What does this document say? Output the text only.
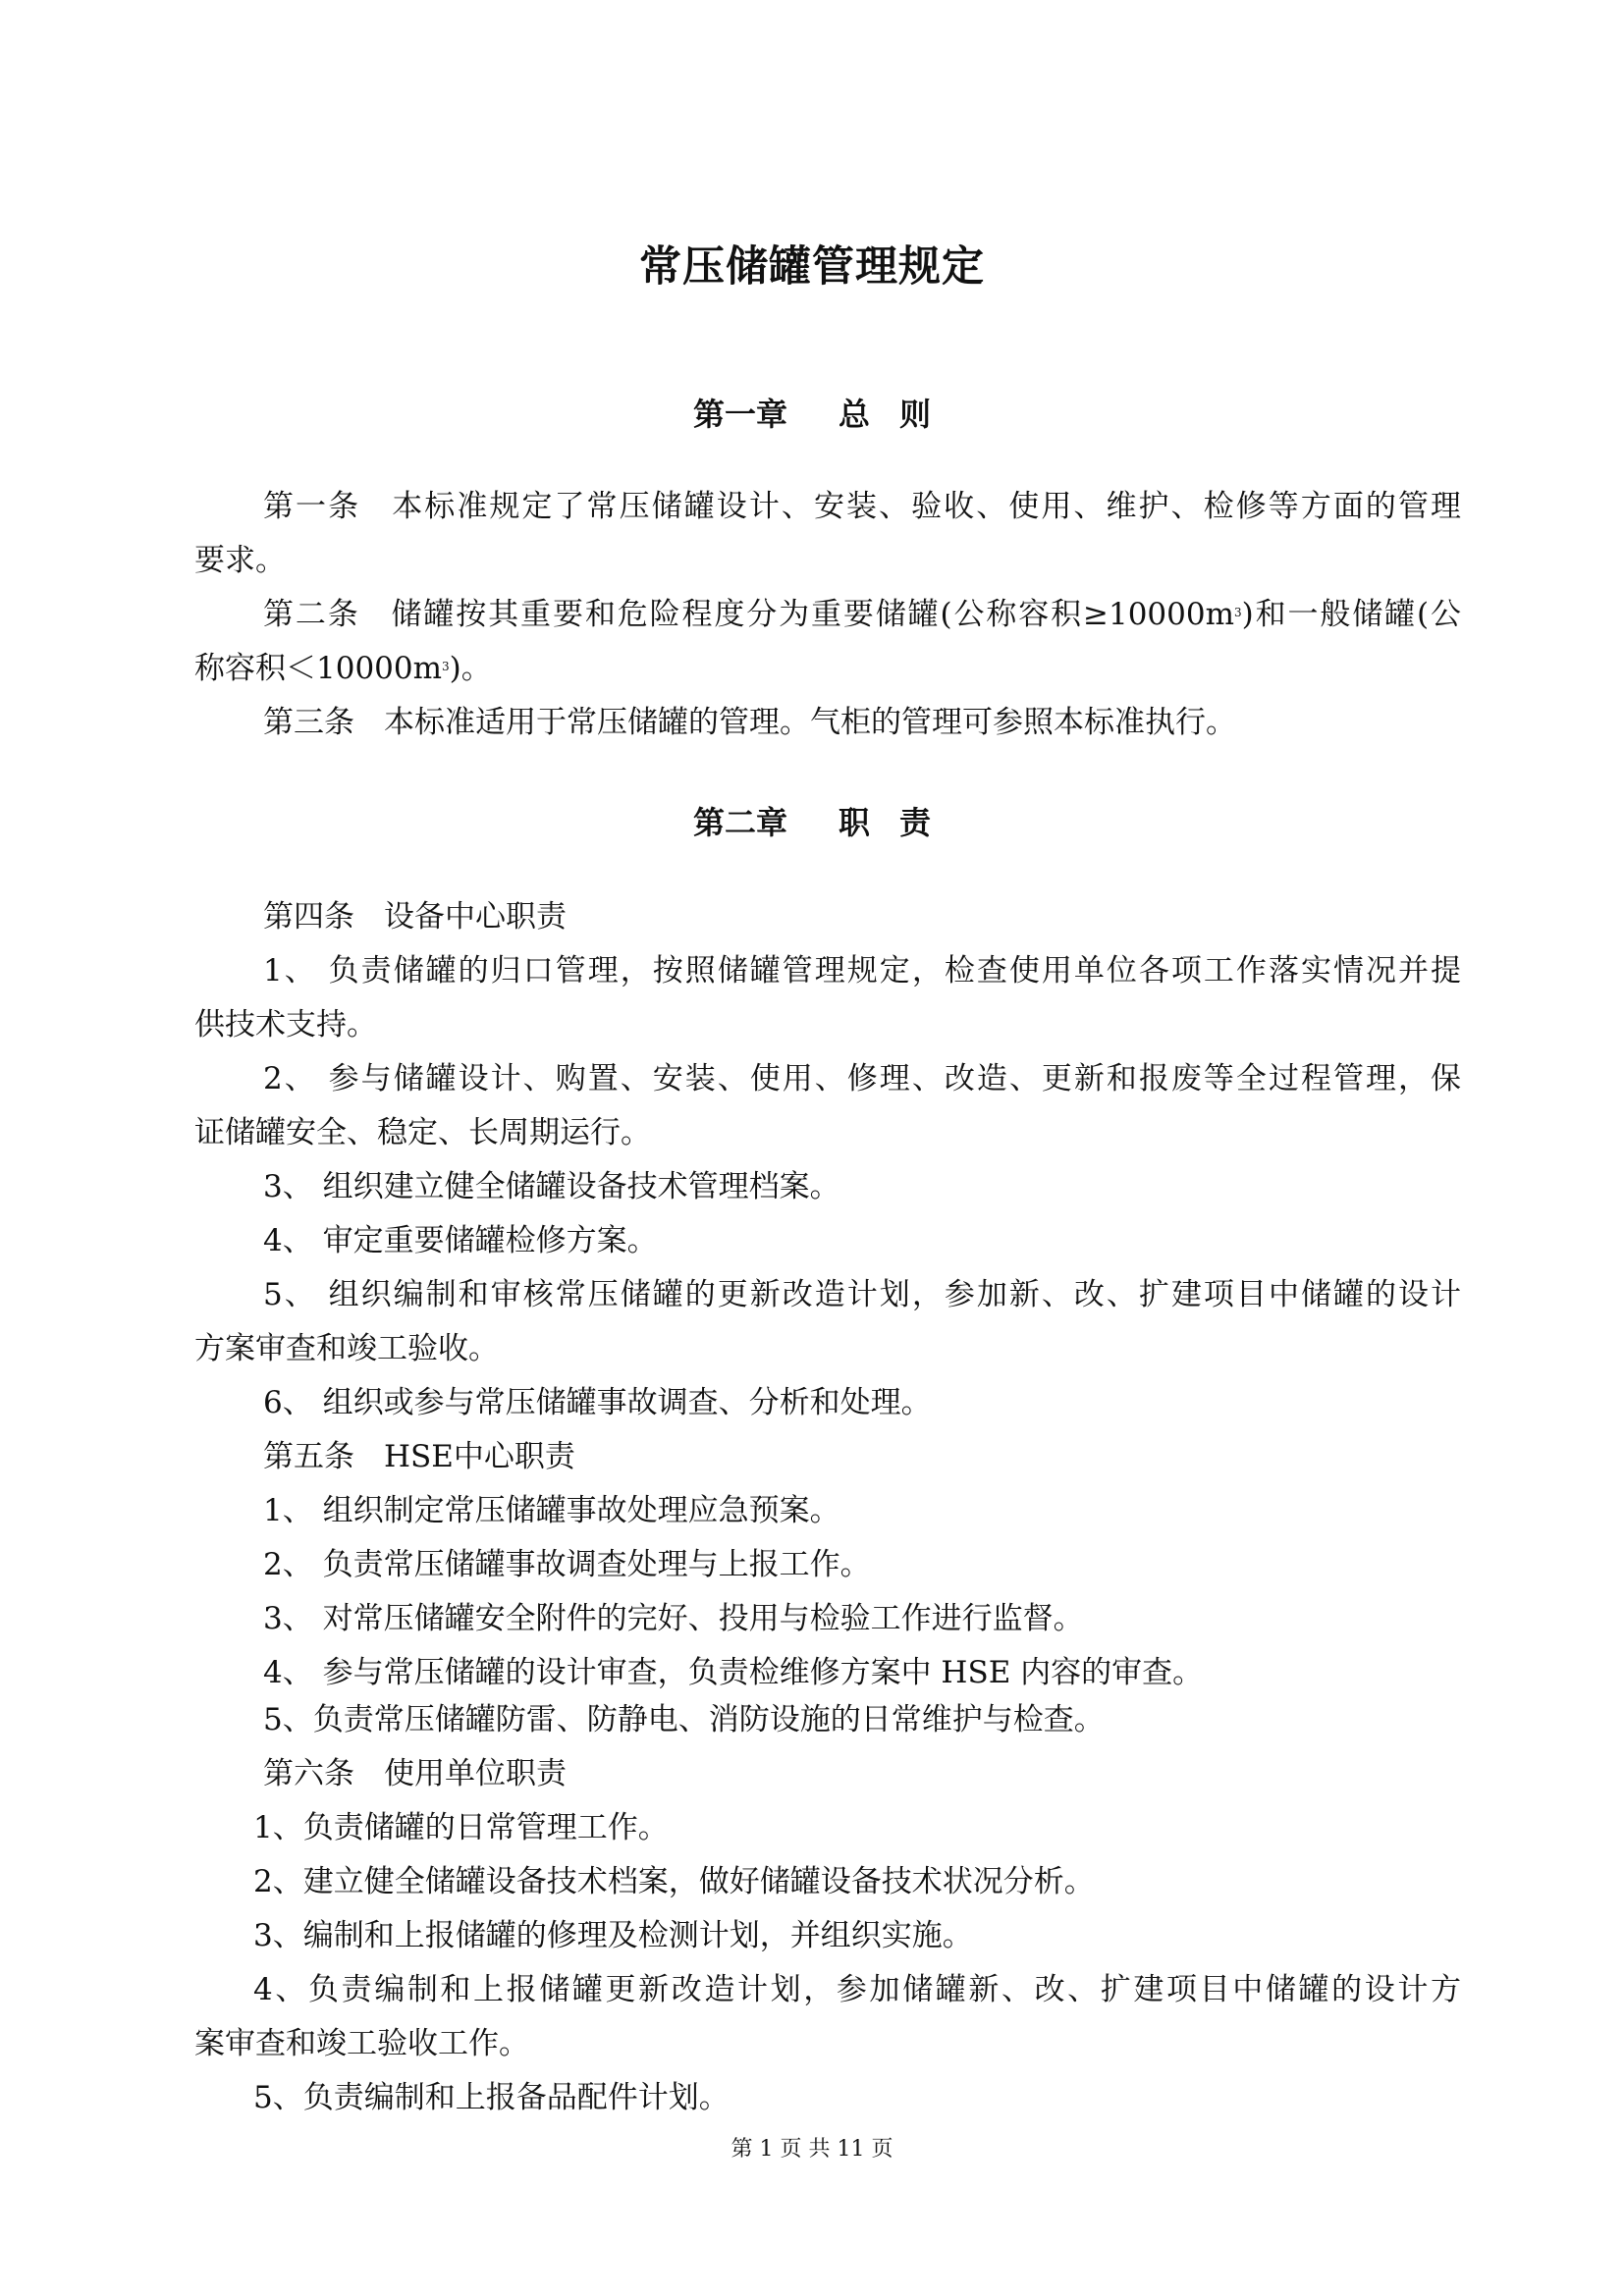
常压储罐管理规定
第一章 总 则
第一条 本标准规定了常压储罐设计、安装、验收、使用、维护、检修等方面的管理
要求。
第二条 储罐按其重要和危险程度分为重要储罐(公称容积$\ge 10000m^3$)和一般储罐(公
称容积$<10000m^3$)。
第三条 本标准适用于常压储罐的管理。气柜的管理可参照本标准执行。
第二章 职 责
第四条 设备中心职责
1、 负责储罐的归口管理，按照储罐管理规定，检查使用单位各项工作落实情况并提
供技术支持。
2、 参与储罐设计、购置、安装、使用、修理、改造、更新和报废等全过程管理，保
证储罐安全、稳定、长周期运行。
3、 组织建立健全储罐设备技术管理档案。
4、 审定重要储罐检修方案。
5、 组织编制和审核常压储罐的更新改造计划，参加新、改、扩建项目中储罐的设计
方案审查和竣工验收。
6、 组织或参与常压储罐事故调查、分析和处理。
第五条 HSE中心职责
1、 组织制定常压储罐事故处理应急预案。
2、 负责常压储罐事故调查处理与上报工作。
3、 对常压储罐安全附件的完好、投用与检验工作进行监督。
4、 参与常压储罐的设计审查，负责检维修方案中 HSE 内容的审查。
5、负责常压储罐防雷、防静电、消防设施的日常维护与检查。
第六条 使用单位职责
1、负责储罐的日常管理工作。
2、建立健全储罐设备技术档案，做好储罐设备技术状况分析。
3、编制和上报储罐的修理及检测计划，并组织实施。
4、负责编制和上报储罐更新改造计划，参加储罐新、改、扩建项目中储罐的设计方
案审查和竣工验收工作。
5、负责编制和上报备品配件计划。
第 1 页 共 11 页
